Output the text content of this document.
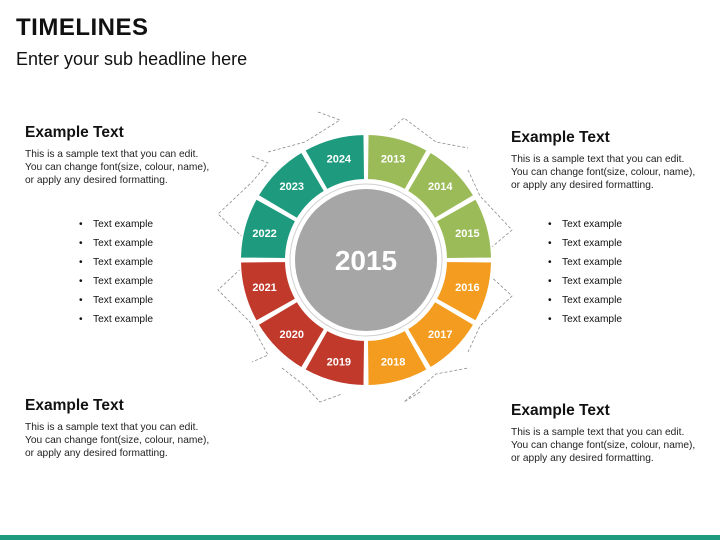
TIMELINES
Enter your sub headline here
Example Text

This is a sample text that you can edit.
You can change font(size, colour, name),
or apply any desired formatting.

Example Text

This is a sample text that you can edit.
You can change font(size, colour, name),
or apply any desired formatting.

Example Text

This is a sample text that you can edit.
You can change font(size, colour, name),
or apply any desired formatting.

Example Text

This is a sample text that you can edit.
You can change font(size, colour, name),
or apply any desired formatting.

• Text example
• Text example
• Text example
• Text example
• Text example
• Text example
• Text example
• Text example
• Text example
• Text example
• Text example
• Text example
2013
2014
2015
2016
2017
2018
2019
2020
2021
2022
2023
2024
2015
